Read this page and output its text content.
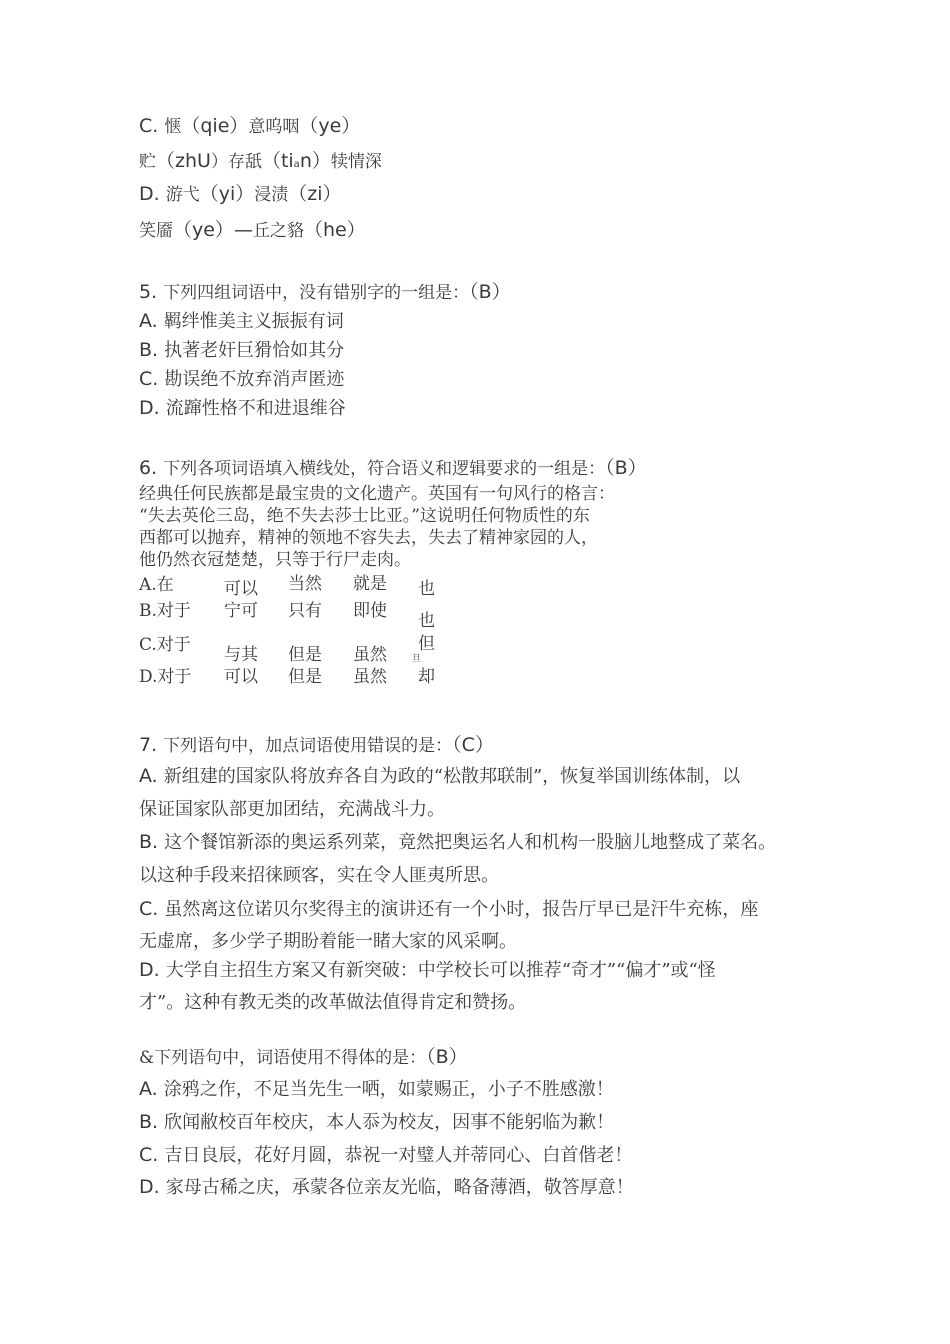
C. 惬（qie）意呜咽（ye）
贮（zhU）存舐（tian）犊情深
D. 游弋（yi）浸渍（zi）
笑靥（ye）—丘之貉（he）
5. 下列四组词语中，没有错别字的一组是：（B）
A. 羁绊惟美主义振振有词
B. 执著老奸巨猾恰如其分
C. 勘误绝不放弃消声匿迹
D. 流蹿性格不和进退维谷
6. 下列各项词语填入横线处，符合语义和逻辑要求的一组是：（B）
经典任何民族都是最宝贵的文化遗产。英国有一句风行的格言：
“失去英伦三岛，绝不失去莎士比亚。”这说明任何物质性的东
西都可以抛弃，精神的领地不容失去，失去了精神家园的人，
他仍然衣冠楚楚，只等于行尸走肉。
A.在	可以 当然 就是 也
B.对于 宁可 只有 即使 也
C.对于 与其 但是 虽然
但
旦
D.对于 可以 但是 虽然 却
7. 下列语句中，加点词语使用错误的是：（C）
A. 新组建的国家队将放弃各自为政的“松散邦联制”，恢复举国训练体制，以
保证国家队部更加团结，充满战斗力。
B. 这个餐馆新添的奥运系列菜，竟然把奥运名人和机构一股脑儿地整成了菜名。
以这种手段来招徕顾客，实在令人匪夷所思。
C. 虽然离这位诺贝尔奖得主的演讲还有一个小时，报告厅早已是汗牛充栋，座
无虚席，多少学子期盼着能一睹大家的风采啊。
D. 大学自主招生方案又有新突破：中学校长可以推荐“奇才”“偏才”或“怪
才”。这种有教无类的改革做法值得肯定和赞扬。
&下列语句中，词语使用不得体的是：（B）
A. 涂鸦之作，不足当先生一哂，如蒙赐正，小子不胜感激！
B. 欣闻敝校百年校庆，本人忝为校友，因事不能躬临为歉！
C. 吉日良辰，花好月圆，恭祝一对璧人并蒂同心、白首偕老！
D. 家母古稀之庆，承蒙各位亲友光临，略备薄酒，敬答厚意！
